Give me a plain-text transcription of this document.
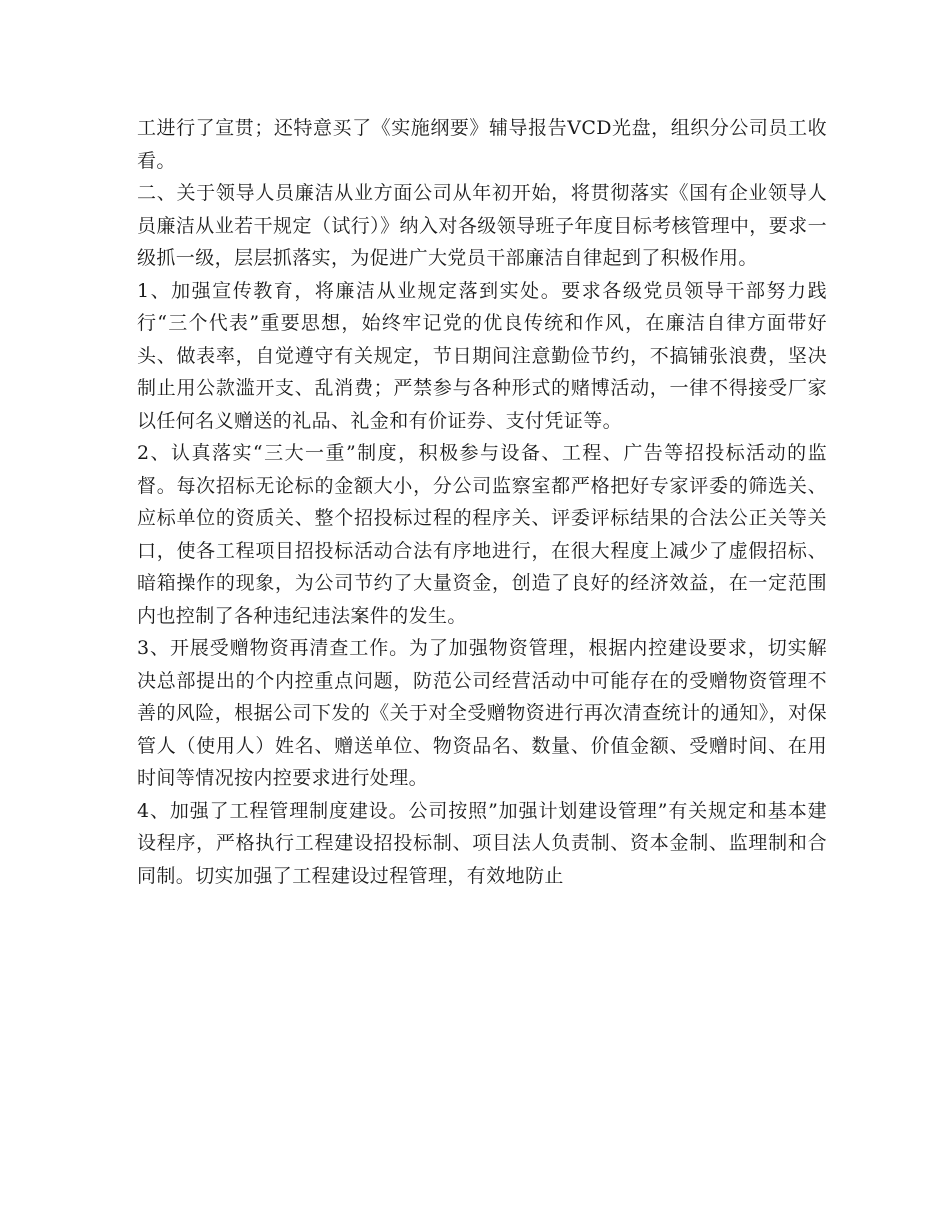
工进行了宣贯；还特意买了《实施纲要》辅导报告VCD光盘，组织分公司员工收看。

二、关于领导人员廉洁从业方面公司从年初开始，将贯彻落实《国有企业领导人员廉洁从业若干规定（试行）》纳入对各级领导班子年度目标考核管理中，要求一级抓一级，层层抓落实，为促进广大党员干部廉洁自律起到了积极作用。

1、加强宣传教育，将廉洁从业规定落到实处。要求各级党员领导干部努力践行“三个代表”重要思想，始终牢记党的优良传统和作风，在廉洁自律方面带好头、做表率，自觉遵守有关规定，节日期间注意勤俭节约，不搞铺张浪费，坚决制止用公款滥开支、乱消费；严禁参与各种形式的赌博活动，一律不得接受厂家以任何名义赠送的礼品、礼金和有价证券、支付凭证等。

2、认真落实“三大一重”制度，积极参与设备、工程、广告等招投标活动的监督。每次招标无论标的金额大小，分公司监察室都严格把好专家评委的筛选关、应标单位的资质关、整个招投标过程的程序关、评委评标结果的合法公正关等关口，使各工程项目招投标活动合法有序地进行，在很大程度上减少了虚假招标、暗箱操作的现象，为公司节约了大量资金，创造了良好的经济效益，在一定范围内也控制了各种违纪违法案件的发生。

3、开展受赠物资再清查工作。为了加强物资管理，根据内控建设要求，切实解决总部提出的个内控重点问题，防范公司经营活动中可能存在的受赠物资管理不善的风险，根据公司下发的《关于对全受赠物资进行再次清查统计的通知》，对保管人（使用人）姓名、赠送单位、物资品名、数量、价值金额、受赠时间、在用时间等情况按内控要求进行处理。

4、加强了工程管理制度建设。公司按照”加强计划建设管理”有关规定和基本建设程序，严格执行工程建设招投标制、项目法人负责制、资本金制、监理制和合同制。切实加强了工程建设过程管理，有效地防止
